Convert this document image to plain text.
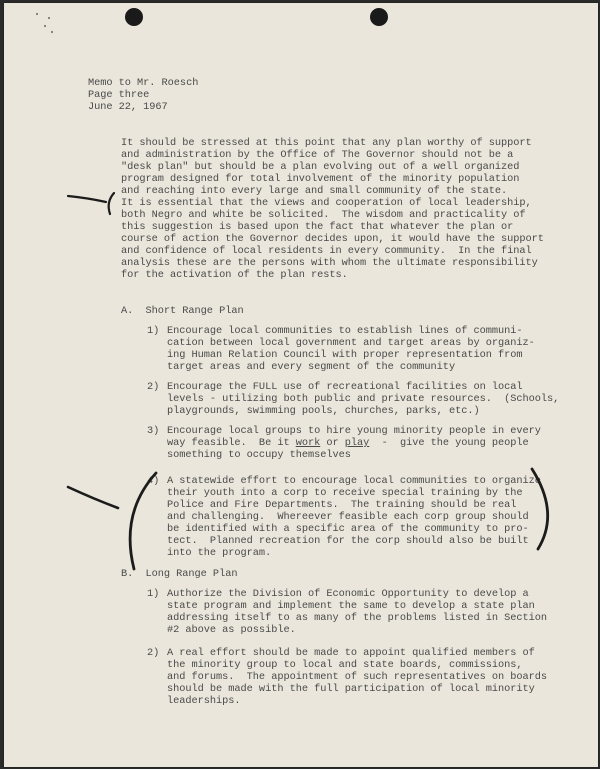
Memo to Mr. Roesch
Page three
June 22, 1967
It should be stressed at this point that any plan worthy of support
and administration by the Office of The Governor should not be a
"desk plan" but should be a plan evolving out of a well organized
program designed for total involvement of the minority population
and reaching into every large and small community of the state.
It is essential that the views and cooperation of local leadership,
both Negro and white be solicited.  The wisdom and practicality of
this suggestion is based upon the fact that whatever the plan or
course of action the Governor decides upon, it would have the support
and confidence of local residents in every community.  In the final
analysis these are the persons with whom the ultimate responsibility
for the activation of the plan rests.
A.  Short Range Plan
1) Encourage local communities to establish lines of communi-
cation between local government and target areas by organiz-
ing Human Relation Council with proper representation from
target areas and every segment of the community
2) Encourage the FULL use of recreational facilities on local
levels - utilizing both public and private resources.  (Schools,
playgrounds, swimming pools, churches, parks, etc.)
3) Encourage local groups to hire young minority people in every
way feasible.  Be it work or play  -  give the young people
something to occupy themselves
4) A statewide effort to encourage local communities to organize
their youth into a corp to receive special training by the
Police and Fire Departments.  The training should be real
and challenging.  Whereever feasible each corp group should
be identified with a specific area of the community to pro-
tect.  Planned recreation for the corp should also be built
into the program.
B.  Long Range Plan
1) Authorize the Division of Economic Opportunity to develop a
state program and implement the same to develop a state plan
addressing itself to as many of the problems listed in Section
#2 above as possible.
2) A real effort should be made to appoint qualified members of
the minority group to local and state boards, commissions,
and forums.  The appointment of such representatives on boards
should be made with the full participation of local minority
leaderships.
